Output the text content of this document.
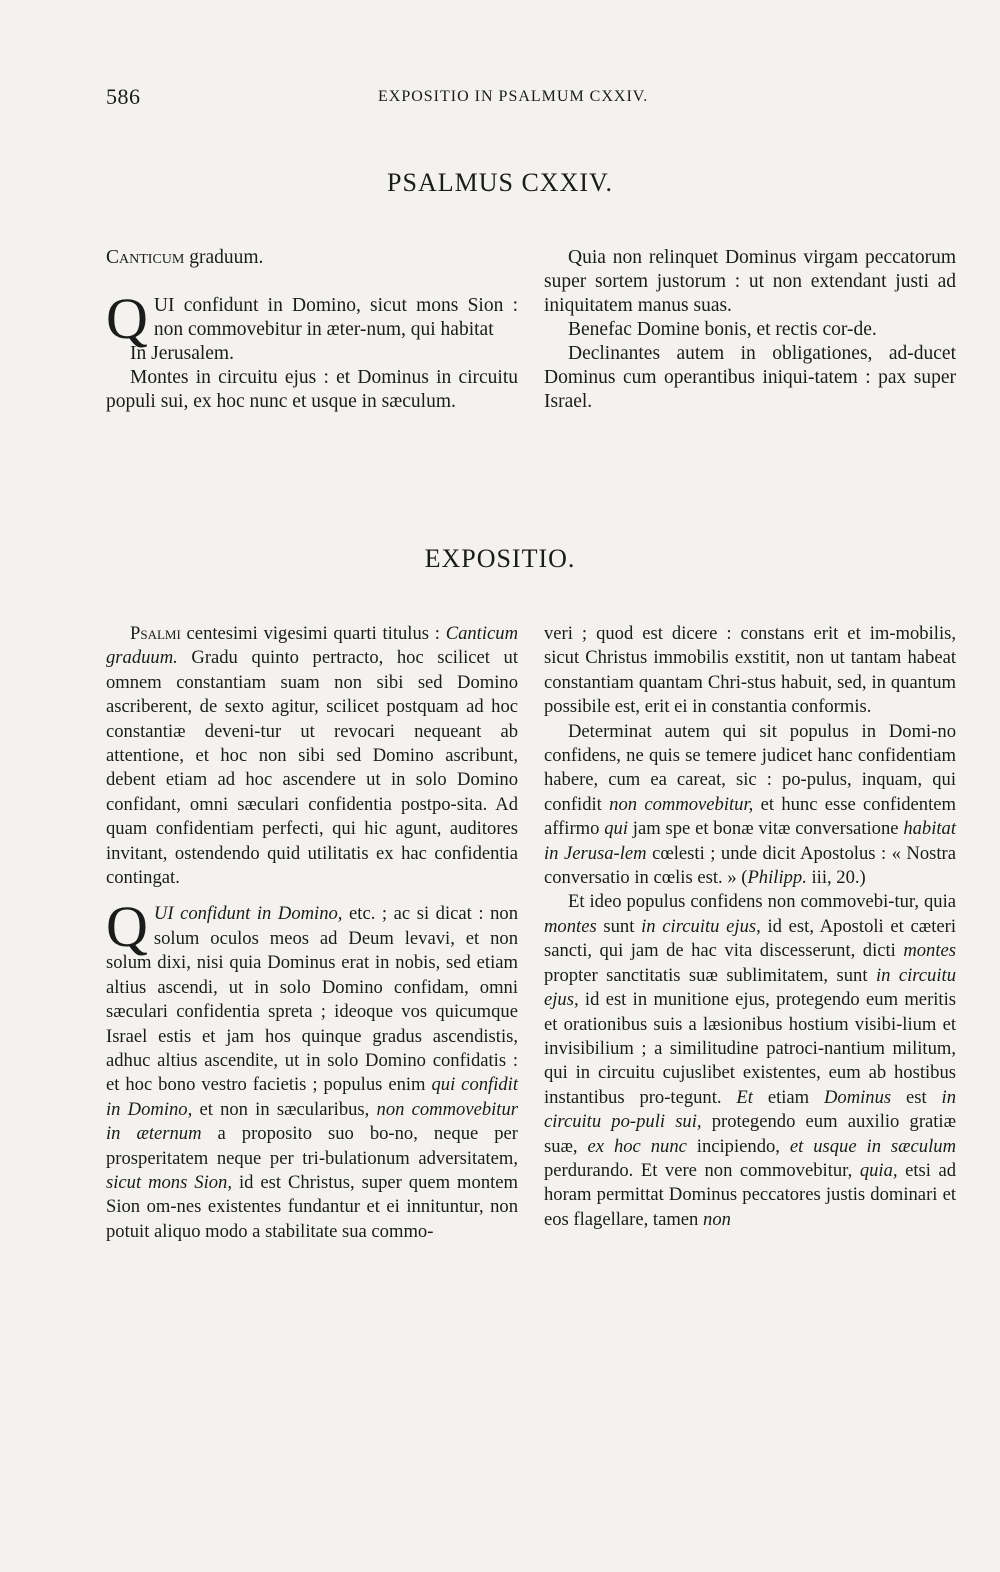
586	EXPOSITIO IN PSALMUM CXXIV.
PSALMUS CXXIV.

Canticum graduum.

QUI confidunt in Domino, sicut mons Sion : non commovebitur in æter-num, qui habitat

In Jerusalem.

Montes in circuitu ejus : et Dominus in circuitu populi sui, ex hoc nunc et usque in sæculum.

Quia non relinquet Dominus virgam peccatorum super sortem justorum : ut non extendant justi ad iniquitatem manus suas.

Benefac Domine bonis, et rectis cor-de.

Declinantes autem in obligationes, ad-ducet Dominus cum operantibus iniqui-tatem : pax super Israel.

EXPOSITIO.

Psalmi centesimi vigesimi quarti titulus : Canticum graduum. Gradu quinto pertracto, hoc scilicet ut omnem constantiam suam non sibi sed Domino ascriberent, de sexto agitur, scilicet postquam ad hoc constantiæ deveni-tur ut revocari nequeant ab attentione, et hoc non sibi sed Domino ascribunt, debent etiam ad hoc ascendere ut in solo Domino confidant, omni sæculari confidentia postpo-sita. Ad quam confidentiam perfecti, qui hic agunt, auditores invitant, ostendendo quid utilitatis ex hac confidentia contingat.

QUI confidunt in Domino, etc. ; ac si dicat : non solum oculos meos ad Deum levavi, et non solum dixi, nisi quia Dominus erat in nobis, sed etiam altius ascendi, ut in solo Domino confidam, omni sæculari confidentia spreta ; ideoque vos quicumque Israel estis et jam hos quinque gradus ascendistis, adhuc altius ascendite, ut in solo Domino confidatis : et hoc bono vestro facietis ; populus enim qui confidit in Domino, et non in sæcularibus, non commovebitur in æternum a proposito suo bo-no, neque per prosperitatem neque per tri-bulationum adversitatem, sicut mons Sion, id est Christus, super quem montem Sion om-nes existentes fundantur et ei innituntur, non potuit aliquo modo a stabilitate sua commo-

veri ; quod est dicere : constans erit et im-mobilis, sicut Christus immobilis exstitit, non ut tantam habeat constantiam quantam Chri-stus habuit, sed, in quantum possibile est, erit ei in constantia conformis.

Determinat autem qui sit populus in Domi-no confidens, ne quis se temere judicet hanc confidentiam habere, cum ea careat, sic : po-pulus, inquam, qui confidit non commovebitur, et hunc esse confidentem affirmo qui jam spe et bonæ vitæ conversatione habitat in Jerusa-lem cœlesti ; unde dicit Apostolus : « Nostra conversatio in cœlis est. » (Philipp. iii, 20.)

Et ideo populus confidens non commovebi-tur, quia montes sunt in circuitu ejus, id est, Apostoli et cæteri sancti, qui jam de hac vita discesserunt, dicti montes propter sanctitatis suæ sublimitatem, sunt in circuitu ejus, id est in munitione ejus, protegendo eum meritis et orationibus suis a læsionibus hostium visibi-lium et invisibilium ; a similitudine patroci-nantium militum, qui in circuitu cujuslibet existentes, eum ab hostibus instantibus pro-tegunt. Et etiam Dominus est in circuitu po-puli sui, protegendo eum auxilio gratiæ suæ, ex hoc nunc incipiendo, et usque in sæculum perdurando. Et vere non commovebitur, quia, etsi ad horam permittat Dominus peccatores justis dominari et eos flagellare, tamen non
